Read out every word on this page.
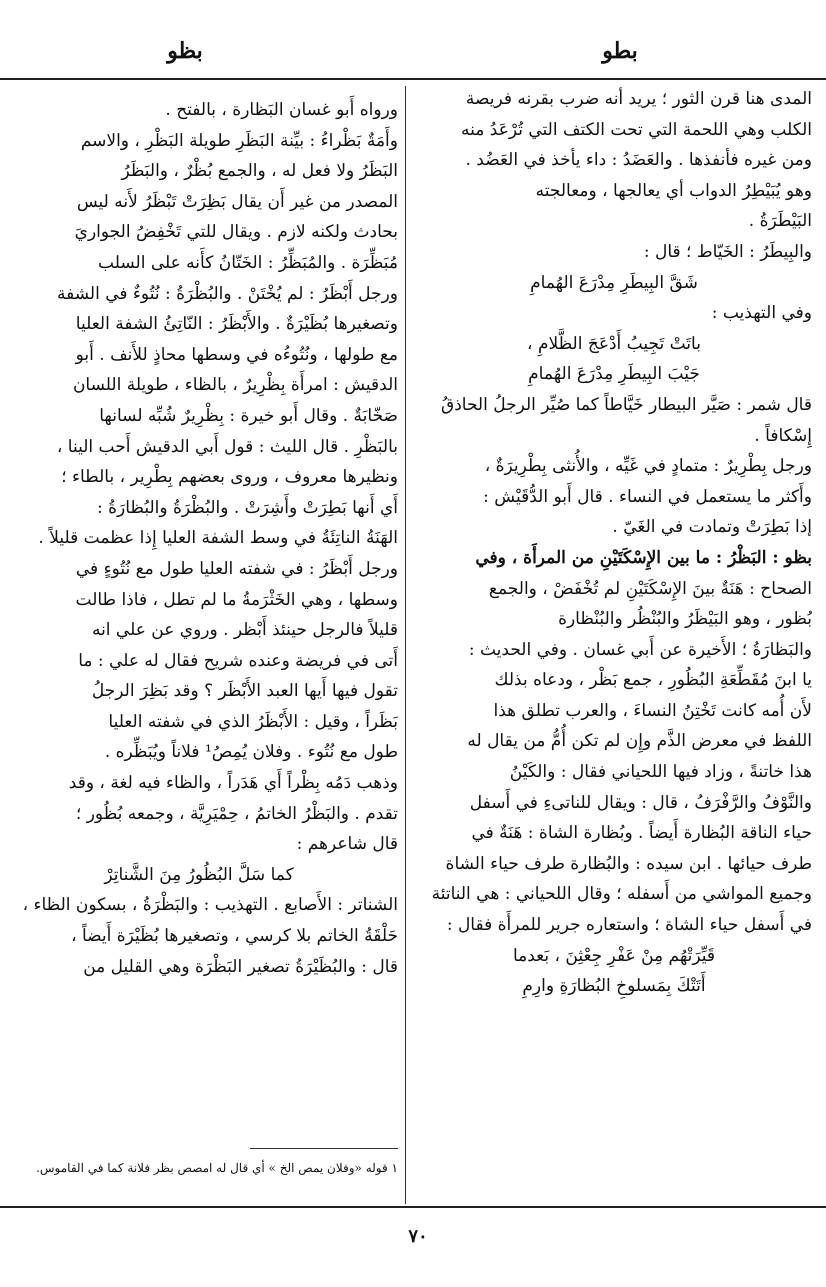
بطو
بظو

المدى هنا قرن الثور ؛ يريد أنه ضرب بقرنه فريصة

الكلب وهي اللحمة التي تحت الكتف التي تُرْعَدُ منه

ومن غيره فأنفذها . والعَضَدُ : داء يأخذ في العَضُد .

وهو يُبَيْطِرُ الدواب أي يعالجها ، ومعالجته

البَيْطَرَةُ .

والبِيطَرُ : الخَيّاط ؛ قال :

شَقَّ البِيطَرِ مِدْرَعَ الهُمامِ

وفي التهذيب :

باتَتْ تَجِيبُ أَدْعَجَ الظَّلامِ ،

جَيْبَ البِيطَرِ مِدْرَعَ الهُمامِ

قال شمر : صَيَّر البيطار خَيَّاطاً كما صُيِّر الرجلُ الحاذقُ

إِسْكافاً .

ورجل بِطْرِيرٌ : متمادٍ في غَيِّه ، والأُنثى بِطْرِيرَةٌ ،

وأَكثر ما يستعمل في النساء . قال أَبو الدُّقَيْش :

إذا بَطِرَتْ وتمادت في الغَيّ .

بظو : البَظْرُ : ما بين الإِسْكَتَيْنِ من المرأَة ، وفي

الصحاح : هَنَةٌ بينَ الإِسْكَتَيْنِ لم تُخْفَضْ ، والجمع

بُظور ، وهو البَيْظَرُ والبُنْظُر والبُنْظارة

والبَظارَةُ ؛ الأَخيرة عن أَبي غسان . وفي الحديث :

يا ابنَ مُقَطِّعَةِ البُظُورِ ، جمع بَظْر ، ودعاه بذلك

لأَن أُمه كانت تَخْتِنُ النساءَ ، والعرب تطلق هذا

اللفظ في معرض الذَّم وإِن لم تكن أُمُّ من يقال له

هذا خاتنةً ، وزاد فيها اللحياني فقال : والكَيْنُ

والنَّوْفُ والرَّفْرَفُ ، قال : ويقال للناتىءِ في أَسفل

حياء الناقة البُظارة أَيضاً . وبُظارة الشاة : هَنَةٌ في

طرف حيائها . ابن سيده : والبُظارة طرف حياء الشاة

وجميع المواشي من أَسفله ؛ وقال اللحياني : هي الناتئة

في أَسفل حياء الشاة ؛ واستعاره جرير للمرأَة فقال :

قَيِّرَتْهُم مِنْ عَفْرِ جِعْثِنَ ، بَعدما

أَتَتْكَ بِمَسلوخِ البُظارَةِ وارِمِ

ورواه أَبو غسان البَظارة ، بالفتح .

وأَمَةٌ بَظْراءُ : بيِّنة البَظَرِ طويلة البَظْرِ ، والاسم

البَظَرُ ولا فعل له ، والجمع بُظْرٌ ، والبَظَرُ

المصدر من غير أَن يقال بَظِرَتْ تَبْظَرُ لأَنه ليس

بحادث ولكنه لازم . ويقال للتي تَخْفِضُ الجواريَ

مُبَظِّرَة . والمُبَظِّرُ : الخَتّانُ كأَنه على السلب

ورجل أَبْظَرُ : لم يُخْتَنْ . والبُظْرَةُ : نُتُوءٌ في الشفة

وتصغيرها بُظَيْرَةٌ . والأَبْظَرُ : النّاتِئُ الشفة العليا

مع طولها ، ونُتُوءُه في وسطها محاذٍ للأَنف . أَبو

الدقيش : امرأَة بِظْرِيرٌ ، بالظاء ، طويلة اللسان

صَخّابَةٌ . وقال أَبو خيرة : بِظْرِيرٌ شُبِّه لسانها

بالبَظْرِ . قال الليث : قول أَبي الدقيش أَحب الينا ،

ونظيرها معروف ، وروى بعضهم بِطْرِير ، بالطاء ؛

أَي أَنها بَطِرَتْ وأَشِرَتْ . والبُظْرَةُ والبُظارَةُ :

الهَنَةُ الناتِئَةُ في وسط الشفة العليا إِذا عظمت قليلاً .

ورجل أَبْظَرُ : في شفته العليا طول مع نُتُوءٍ في

وسطها ، وهي الخَثْرَمةُ ما لم تطل ، فاذا طالت

قليلاً فالرجل حينئذ أَبْظر . وروي عن علي انه

أَتى في فريضة وعنده شريح فقال له علي : ما

تقول فيها أَيها العبد الأَبْظَر ؟ وقد بَظِرَ الرجلُ

بَظَراً ، وقيل : الأَبْظَرُ الذي في شفته العليا

طول مع نُتُوء . وفلان يُمِصُ¹ فلاناً ويُبَظِّره .

وذهب دَمُه بِظْراً أَي هَدَراً ، والظاء فيه لغة ، وقد

تقدم . والبَظْرُ الخاتمُ ، حِمْيَرِيَّة ، وجمعه بُظُور ؛

قال شاعرهم :

كما سَلَّ البُظُورُ مِنَ الشَّناتِرْ

الشناتر : الأَصابع . التهذيب : والبَظْرَةُ ، بسكون الظاء ،

حَلْقَةُ الخاتم بلا كرسي ، وتصغيرها بُظَيْرَة أَيضاً ،

قال : والبُظَيْرَةُ تصغير البَظْرَة وهي القليل من

١ قوله «وفلان يمص الخ » أي قال له امصص بظر فلانة كما في القاموس.
٧٠
